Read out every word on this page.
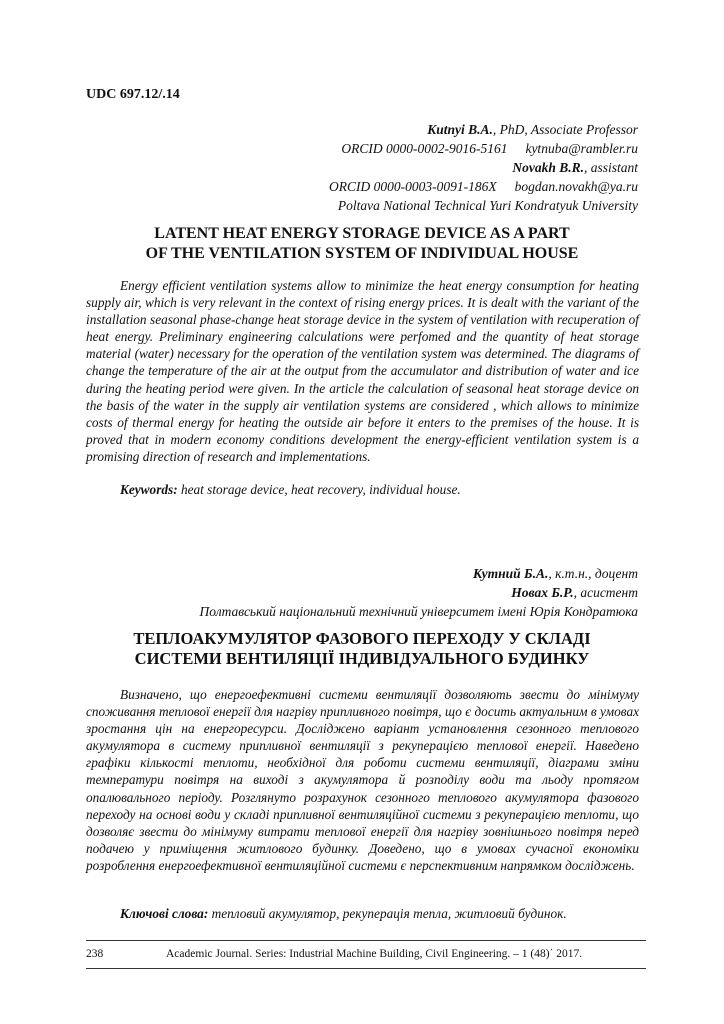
UDC 697.12/.14
Kutnyi B.A., PhD, Associate Professor
ORCID 0000-0002-9016-5161 kytnuba@rambler.ru
Novakh B.R., assistant
ORCID 0000-0003-0091-186X bogdan.novakh@ya.ru
Poltava National Technical Yuri Kondratyuk University
LATENT HEAT ENERGY STORAGE DEVICE AS A PART
OF THE VENTILATION SYSTEM OF INDIVIDUAL HOUSE
Energy efficient ventilation systems allow to minimize the heat energy consumption for heating supply air, which is very relevant in the context of rising energy prices. It is dealt with the variant of the installation seasonal phase-change heat storage device in the system of ventilation with recuperation of heat energy. Preliminary engineering calculations were perfomed and the quantity of heat storage material (water) necessary for the operation of the ventilation system was determined. The diagrams of change the temperature of the air at the output from the accumulator and distribution of water and ice during the heating period were given. In the article the calculation of seasonal heat storage device on the basis of the water in the supply air ventilation systems are considered , which allows to minimize costs of thermal energy for heating the outside air before it enters to the premises of the house. It is proved that in modern economy conditions development the energy-efficient ventilation system is a promising direction of research and implementations.
Keywords: heat storage device, heat recovery, individual house.
Кутний Б.А., к.т.н., доцент
Новах Б.Р., асистент
Полтавський національний технічний університет імені Юрія Кондратюка
ТЕПЛОАКУМУЛЯТОР ФАЗОВОГО ПЕРЕХОДУ У СКЛАДІ
СИСТЕМИ ВЕНТИЛЯЦІЇ ІНДИВІДУАЛЬНОГО БУДИНКУ
Визначено, що енергоефективні системи вентиляції дозволяють звести до мінімуму споживання теплової енергії для нагріву припливного повітря, що є досить актуальним в умовах зростання цін на енергоресурси. Досліджено варіант установлення сезонного теплового акумулятора в систему припливної вентиляції з рекуперацією теплової енергії. Наведено графіки кількості теплоти, необхідної для роботи системи вентиляції, діаграми зміни температури повітря на виході з акумулятора й розподілу води та льоду протягом опалювального періоду. Розглянуто розрахунок сезонного теплового акумулятора фазового переходу на основі води у складі припливної вентиляційної системи з рекуперацією теплоти, що дозволяє звести до мінімуму витрати теплової енергії для нагріву зовнішнього повітря перед подачею у приміщення житлового будинку. Доведено, що в умовах сучасної економіки розроблення енергоефективної вентиляційної системи є перспективним напрямком досліджень.
Ключові слова: тепловий акумулятор, рекуперація тепла, житловий будинок.
238	Academic Journal. Series: Industrial Machine Building, Civil Engineering. – 1 (48)΄ 2017.
